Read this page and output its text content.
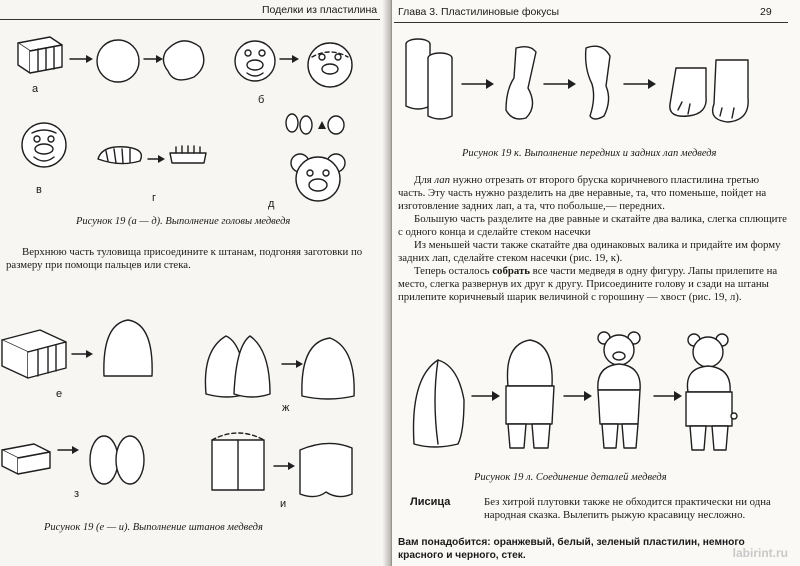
Поделки из пластилина
а
б
в
г	д
Рисунок 19 (а — д). Выполнение головы медведя
Верхнюю часть туловища присоедините к штанам, подгоняя заготовки по размеру при помощи пальцев или стека.
е
ж
з
и
Рисунок 19 (е — и). Выполнение штанов медведя
Глава 3. Пластилиновые фокусы	29
Рисунок 19 к. Выполнение передних и задних лап медведя

Для лап нужно отрезать от второго бруска коричневого пластилина третью часть. Эту часть нужно разделить на две неравные, та, что поменьше, пойдет на изготовление задних лап, а та, что побольше,— передних.

Большую часть разделите на две равные и скатайте два валика, слегка сплющите с одного конца и сделайте стеком насечки

Из меньшей части также скатайте два одинаковых валика и придайте им форму задних лап, сделайте стеком насечки (рис. 19, к).

Теперь осталось собрать все части медведя в одну фигуру. Лапы прилепите на место, слегка развернув их друг к другу. Присоедините голову и сзади на штаны прилепите коричневый шарик величиной с горошину — хвост (рис. 19, л).

Рисунок 19 л. Соединение деталей медведя
Лисица	Без хитрой плутовки также не обходится практически ни одна народная сказка. Вылепить рыжую красавицу несложно.
Вам понадобится: оранжевый, белый, зеленый пластилин, немного красного и черного, стек.	labirint.ru
